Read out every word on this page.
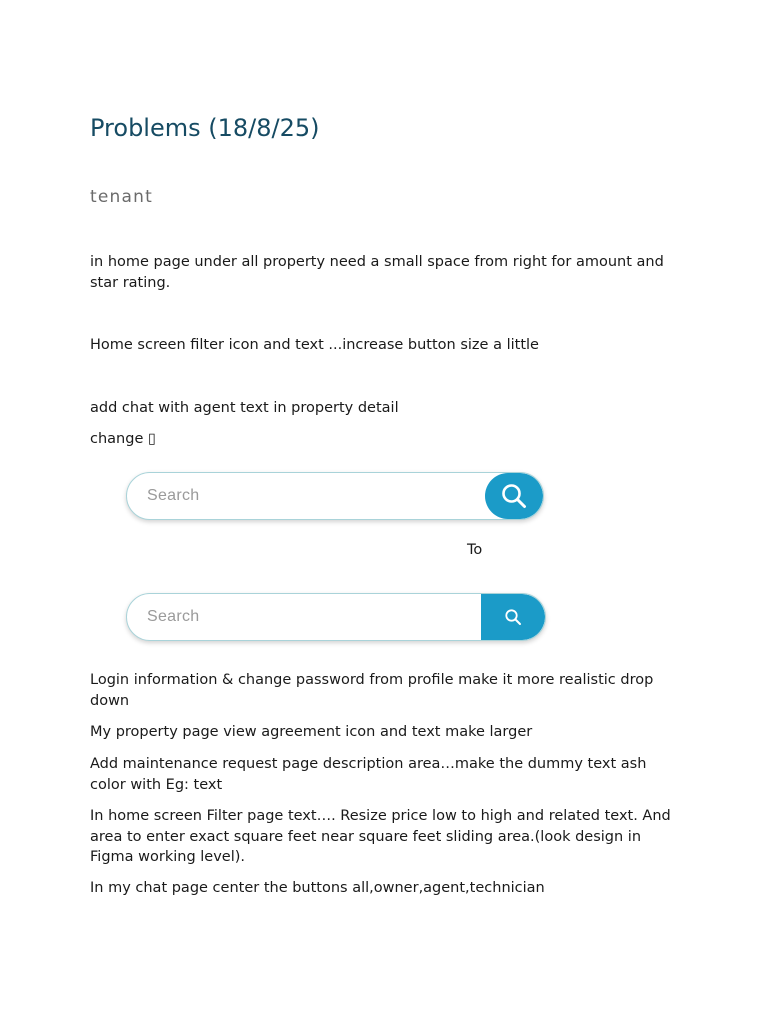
Problems (18/8/25)
tenant

in home page under all property need a small space from right for amount and star rating.

Home screen filter icon and text ...increase button size a little

add chat with agent text in property detail

change ▯

Search
To
Search

Login information & change password from profile make it more realistic drop down

My property page view agreement icon and text make larger

Add maintenance request page description area…make the dummy text ash color with Eg: text

In home screen Filter page text…. Resize price low to high and related text. And area to enter exact square feet near square feet sliding area.(look design in Figma working level).

In my chat page center the buttons all,owner,agent,technician
